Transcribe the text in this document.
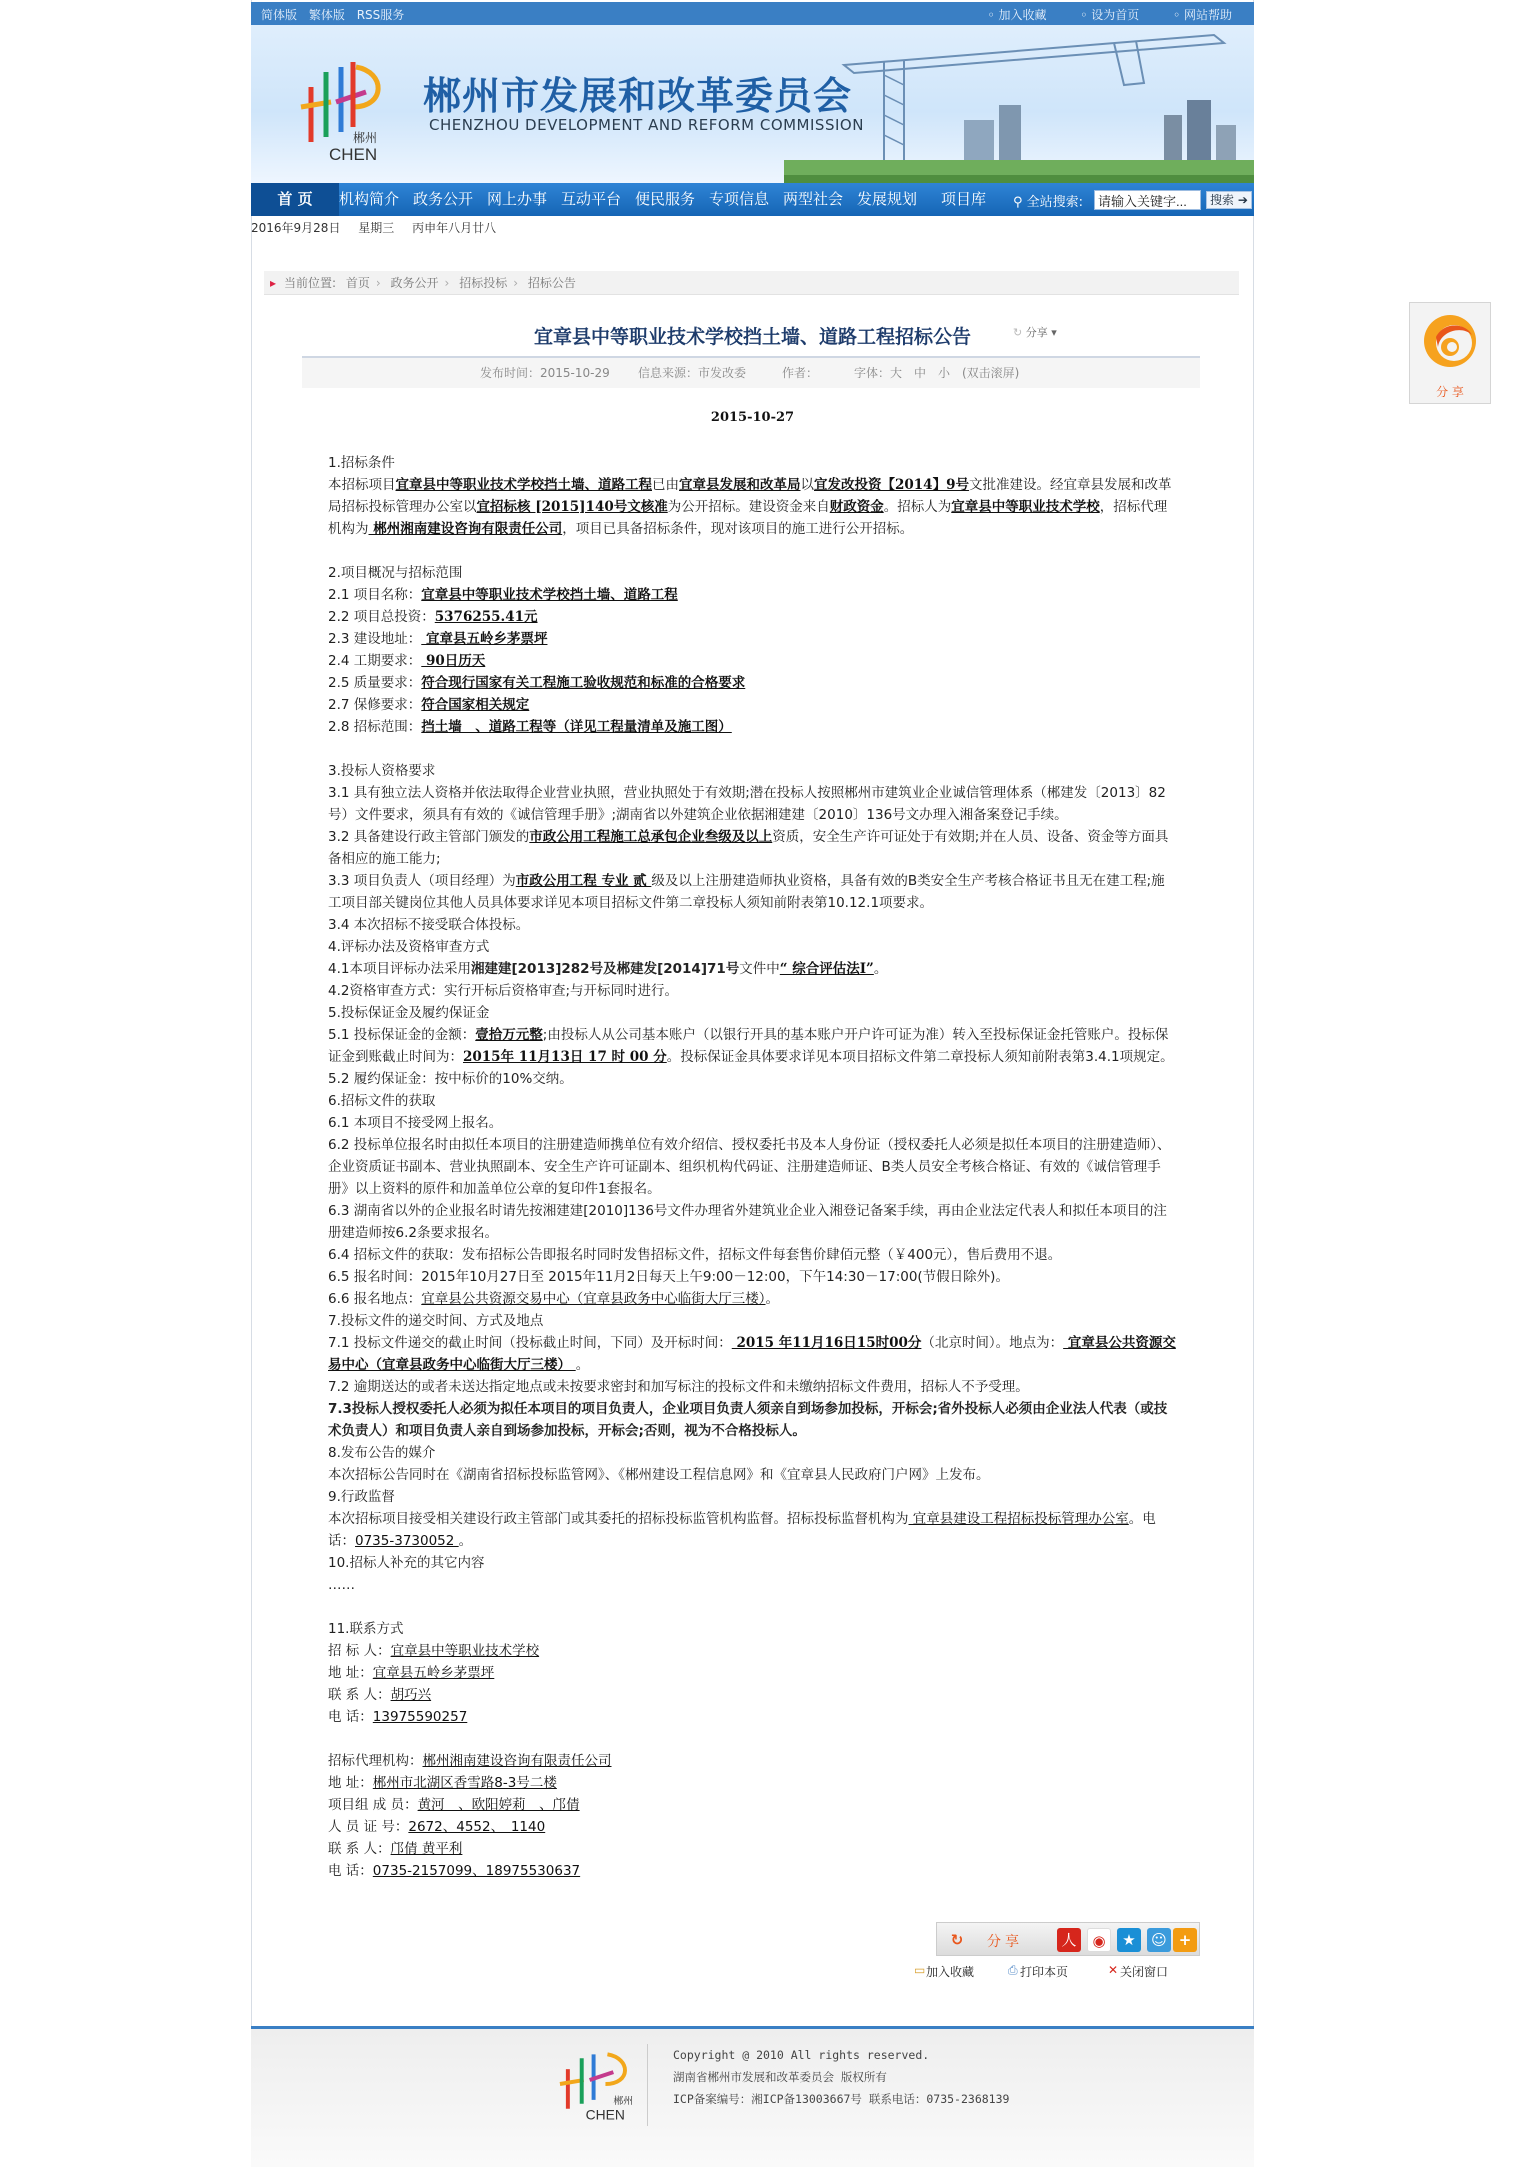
简体版 繁体版 RSS服务	◦ 加入收藏	◦ 设为首页	◦ 网站帮助
郴州
CHEN
郴州市发展和改革委员会
CHENZHOU DEVELOPMENT AND REFORM COMMISSION
首 页	机构简介 政务公开 网上办事 互动平台 便民服务 专项信息 两型社会 发展规划 项目库 ⚲ 全站搜索:
请输入关键字...	搜索 ➔
2016年9月28日 星期三 丙申年八月廿八
▸ 当前位置: 首页 › 政务公开 › 招标投标 › 招标公告
宜章县中等职业技术学校挡土墙、道路工程招标公告	↻ 分享 ▾
发布时间：2015-10-29 信息来源：市发改委	作者：	字体：大　中　小 (双击滚屏)
2015-10-27

1.招标条件

本招标项目宜章县中等职业技术学校挡土墙、道路工程已由宜章县发展和改革局以宜发改投资【2014】9号文批准建设。经宜章县发展和改革局招标投标管理办公室以宜招标核 [2015]140号文核准为公开招标。建设资金来自财政资金。招标人为宜章县中等职业技术学校，招标代理机构为 郴州湘南建设咨询有限责任公司，项目已具备招标条件，现对该项目的施工进行公开招标。

2.项目概况与招标范围

2.1 项目名称：宜章县中等职业技术学校挡土墙、道路工程

2.2 项目总投资：5376255.41元

2.3 建设地址： 宜章县五岭乡茅票坪

2.4 工期要求： 90日历天

2.5 质量要求：符合现行国家有关工程施工验收规范和标准的合格要求

2.7 保修要求：符合国家相关规定

2.8 招标范围：挡土墙　、道路工程等（详见工程量清单及施工图）

3.投标人资格要求

3.1 具有独立法人资格并依法取得企业营业执照，营业执照处于有效期;潜在投标人按照郴州市建筑业企业诚信管理体系（郴建发〔2013〕82号）文件要求，须具有有效的《诚信管理手册》;湖南省以外建筑企业依据湘建建〔2010〕136号文办理入湘备案登记手续。

3.2 具备建设行政主管部门颁发的市政公用工程施工总承包企业叁级及以上资质，安全生产许可证处于有效期;并在人员、设备、资金等方面具备相应的施工能力;

3.3 项目负责人（项目经理）为市政公用工程 专业 贰 级及以上注册建造师执业资格，具备有效的B类安全生产考核合格证书且无在建工程;施工项目部关键岗位其他人员具体要求详见本项目招标文件第二章投标人须知前附表第10.12.1项要求。

3.4 本次招标不接受联合体投标。

4.评标办法及资格审查方式

4.1本项目评标办法采用湘建建[2013]282号及郴建发[2014]71号文件中“ 综合评估法Ⅰ”。

4.2资格审查方式：实行开标后资格审查;与开标同时进行。

5.投标保证金及履约保证金

5.1 投标保证金的金额：壹拾万元整;由投标人从公司基本账户（以银行开具的基本账户开户许可证为准）转入至投标保证金托管账户。投标保证金到账截止时间为：2015年 11月13日 17 时 00 分。投标保证金具体要求详见本项目招标文件第二章投标人须知前附表第3.4.1项规定。

5.2 履约保证金：按中标价的10%交纳。

6.招标文件的获取

6.1 本项目不接受网上报名。

6.2 投标单位报名时由拟任本项目的注册建造师携单位有效介绍信、授权委托书及本人身份证（授权委托人必须是拟任本项目的注册建造师）、企业资质证书副本、营业执照副本、安全生产许可证副本、组织机构代码证、注册建造师证、B类人员安全考核合格证、有效的《诚信管理手册》以上资料的原件和加盖单位公章的复印件1套报名。

6.3 湖南省以外的企业报名时请先按湘建建[2010]136号文件办理省外建筑业企业入湘登记备案手续，再由企业法定代表人和拟任本项目的注册建造师按6.2条要求报名。

6.4 招标文件的获取：发布招标公告即报名时同时发售招标文件，招标文件每套售价肆佰元整（￥400元），售后费用不退。

6.5 报名时间：2015年10月27日至 2015年11月2日每天上午9:00－12:00，下午14:30－17:00(节假日除外)。

6.6 报名地点：宜章县公共资源交易中心（宜章县政务中心临街大厅三楼）。

7.投标文件的递交时间、方式及地点

7.1 投标文件递交的截止时间（投标截止时间，下同）及开标时间： 2015 年11月16日15时00分（北京时间）。地点为： 宜章县公共资源交易中心（宜章县政务中心临街大厅三楼） 。

7.2 逾期送达的或者未送达指定地点或未按要求密封和加写标注的投标文件和未缴纳招标文件费用，招标人不予受理。

7.3投标人授权委托人必须为拟任本项目的项目负责人，企业项目负责人须亲自到场参加投标，开标会;省外投标人必须由企业法人代表（或技术负责人）和项目负责人亲自到场参加投标，开标会;否则，视为不合格投标人。

8.发布公告的媒介

本次招标公告同时在《湖南省招标投标监管网》、《郴州建设工程信息网》和《宜章县人民政府门户网》上发布。

9.行政监督

本次招标项目接受相关建设行政主管部门或其委托的招标投标监管机构监督。招标投标监督机构为 宜章县建设工程招标投标管理办公室。电话：0735-3730052 。

10.招标人补充的其它内容

……

11.联系方式

招 标 人：宜章县中等职业技术学校

地 址：宜章县五岭乡茅票坪

联 系 人：胡巧兴

电 话：13975590257

招标代理机构：郴州湘南建设咨询有限责任公司

地 址：郴州市北湖区香雪路8-3号二楼

项目组 成 员：黄河　、欧阳婷莉　、邝倩

人 员 证 号：2672、4552、　1140

联 系 人：邝倩 黄平利

电 话：0735-2157099、18975530637

分 享
↻	分享	人	◉	★	☺ +
▭
　 加入收藏	⎙
　 打印本页	✕
　 关闭窗口
郴州
CHEN
Copyright @ 2010 All rights reserved.
湖南省郴州市发展和改革委员会 版权所有
ICP备案编号：湘ICP备13003667号 联系电话：0735-2368139
